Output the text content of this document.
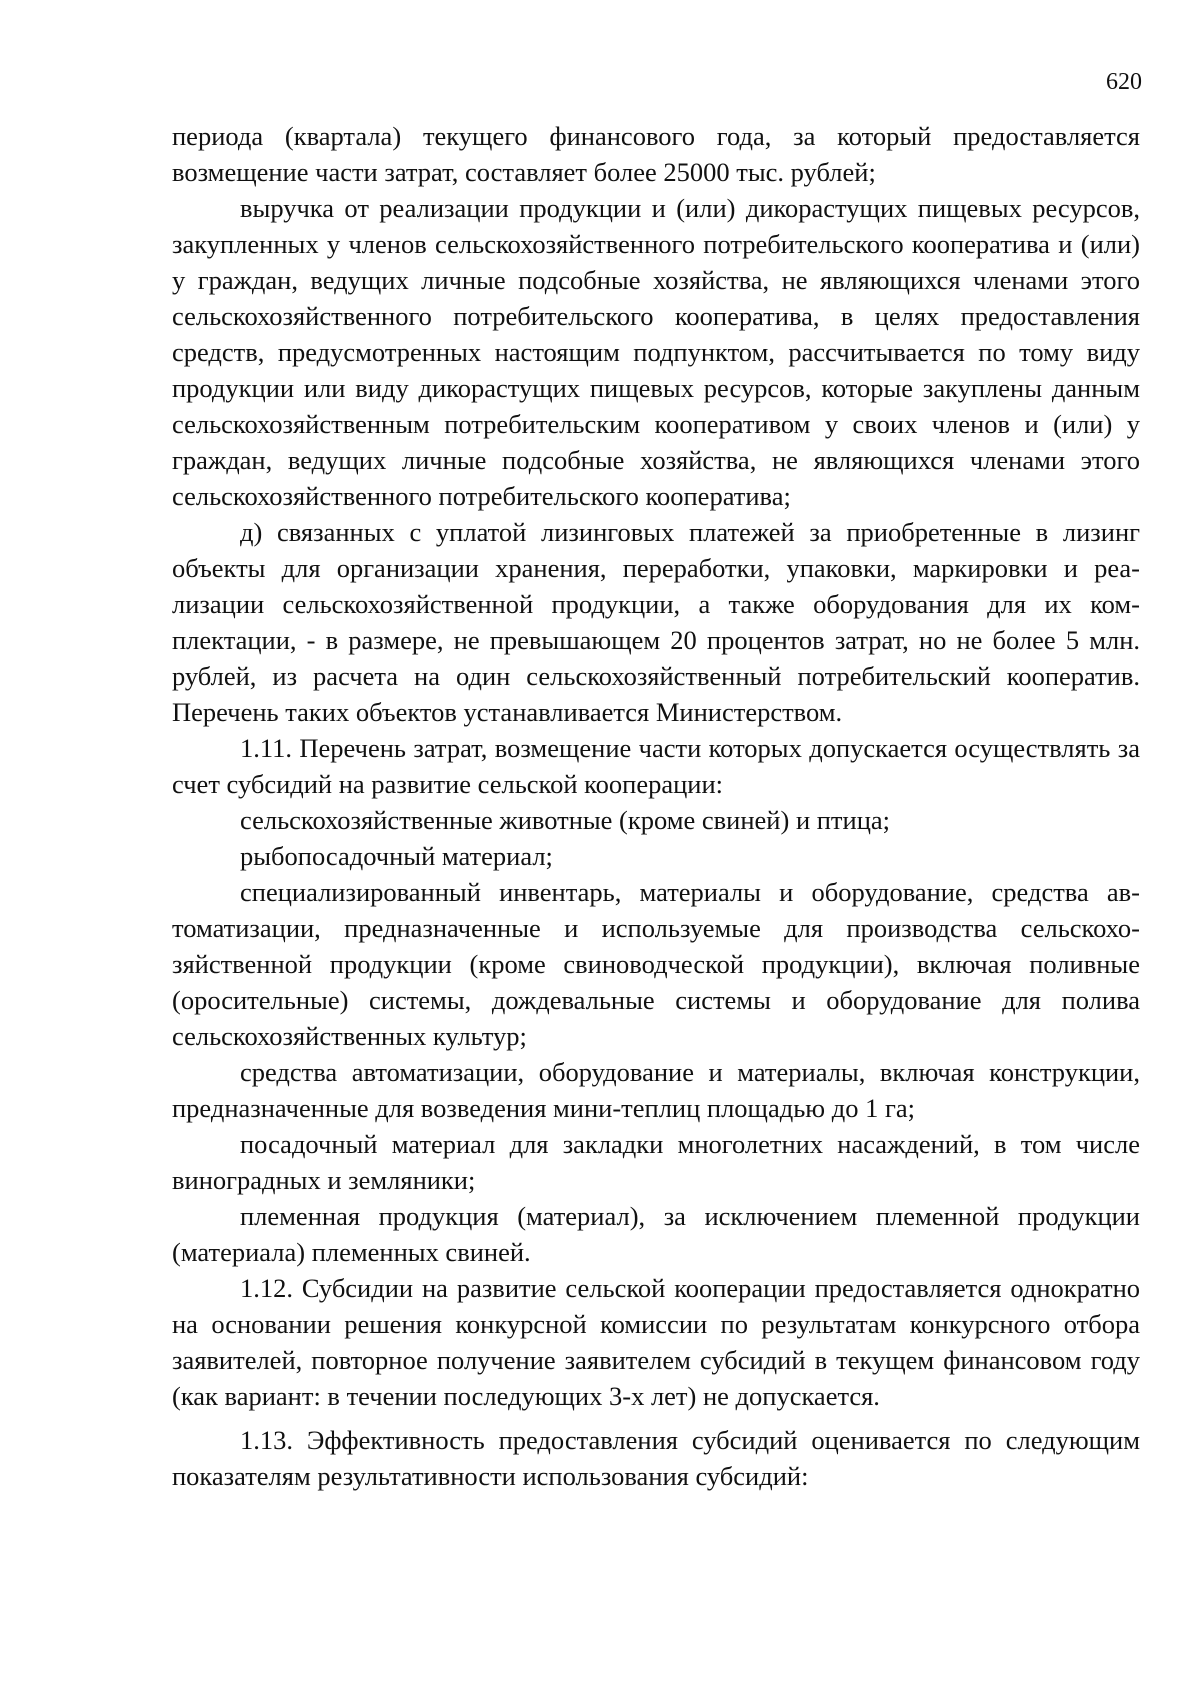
620

периода (квартала) текущего финансового года, за который предоставляется возмещение части затрат, составляет более 25000 тыс. рублей;

выручка от реализации продукции и (или) дикорастущих пищевых ресурсов, закупленных у членов сельскохозяйственного потребительского кооператива и (или) у граждан, ведущих личные подсобные хозяйства, не являющихся членами этого сельскохозяйственного потребительского кооператива, в целях предоставления средств, предусмотренных настоящим подпунктом, рассчитывается по тому виду продукции или виду дикорастущих пищевых ресурсов, которые закуплены данным сельскохозяйственным потребительским кооперативом у своих членов и (или) у граждан, ведущих личные подсобные хозяйства, не являющихся членами этого сельскохозяйственного потребительского кооператива;

д) связанных с уплатой лизинговых платежей за приобретенные в лизинг объекты для организации хранения, переработки, упаковки, маркировки и реализации сельскохозяйственной продукции, а также оборудования для их комплектации, - в размере, не превышающем 20 процентов затрат, но не более 5 млн. рублей, из расчета на один сельскохозяйственный потребительский кооператив. Перечень таких объектов устанавливается Министерством.

1.11. Перечень затрат, возмещение части которых допускается осуществлять за счет субсидий на развитие сельской кооперации:

сельскохозяйственные животные (кроме свиней) и птица;

рыбопосадочный материал;

специализированный инвентарь, материалы и оборудование, средства автоматизации, предназначенные и используемые для производства сельскохозяйственной продукции (кроме свиноводческой продукции), включая поливные (оросительные) системы, дождевальные системы и оборудование для полива сельскохозяйственных культур;

средства автоматизации, оборудование и материалы, включая конструкции, предназначенные для возведения мини-теплиц площадью до 1 га;

посадочный материал для закладки многолетних насаждений, в том числе виноградных и земляники;

племенная продукция (материал), за исключением племенной продукции (материала) племенных свиней.

1.12. Субсидии на развитие сельской кооперации предоставляется однократно на основании решения конкурсной комиссии по результатам конкурсного отбора заявителей, повторное получение заявителем субсидий в текущем финансовом году (как вариант: в течении последующих 3-х лет) не допускается.

1.13. Эффективность предоставления субсидий оценивается по следующим показателям результативности использования субсидий:
